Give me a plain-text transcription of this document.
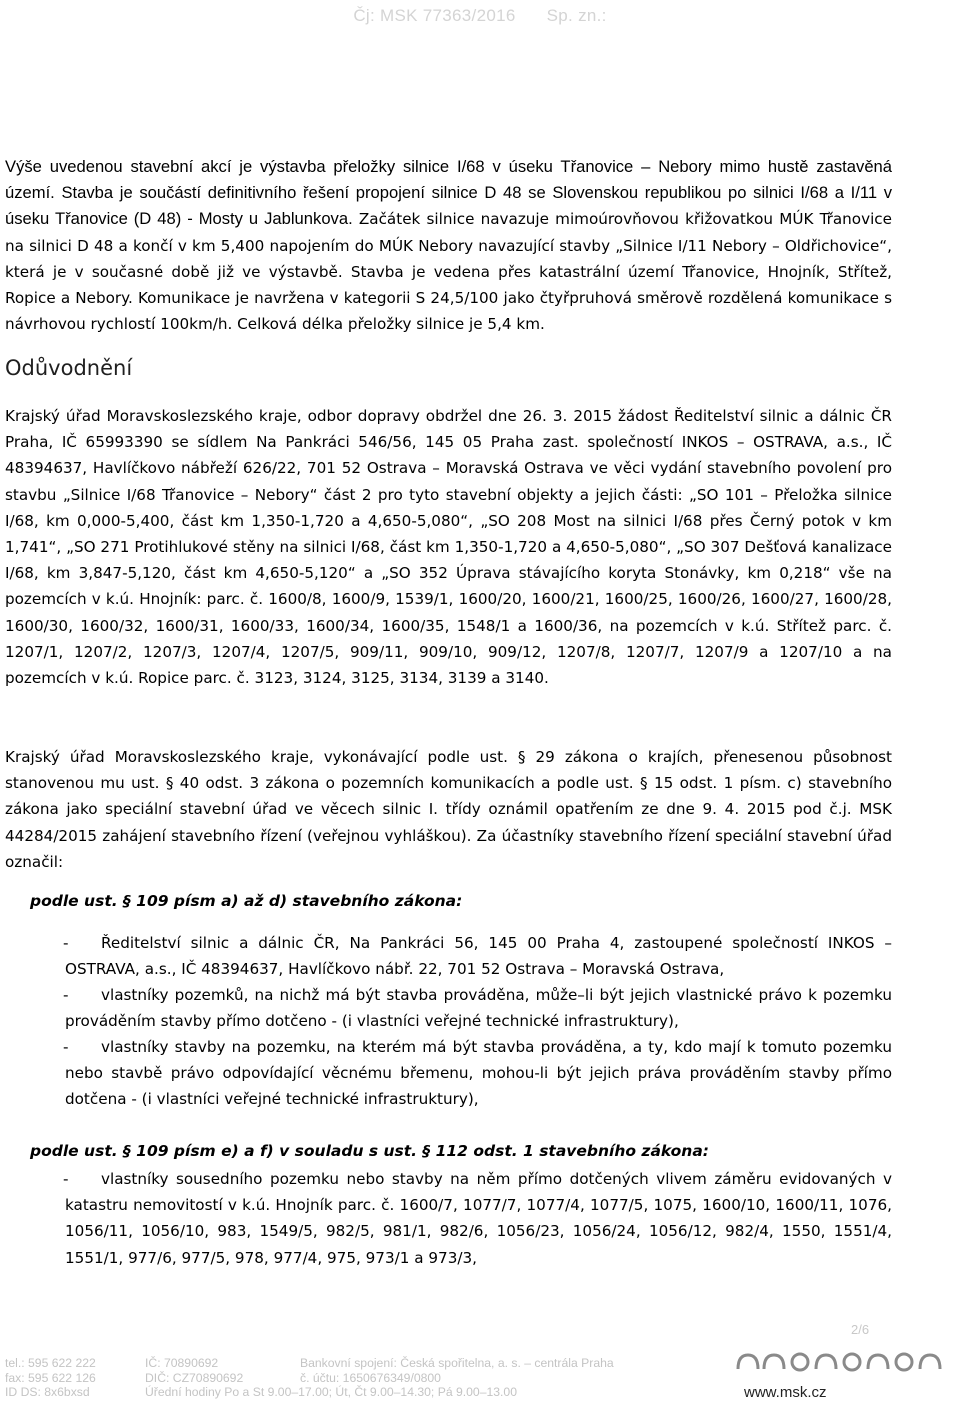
Čj: MSK 77363/2016 Sp. zn.:
Výše uvedenou stavební akcí je výstavba přeložky silnice I/68 v úseku Třanovice – Nebory mimo hustě zastavěná území. Stavba je součástí definitivního řešení propojení silnice D 48 se Slovenskou republikou po silnici I/68 a I/11 v úseku Třanovice (D 48) - Mosty u Jablunkova. Začátek silnice navazuje mimoúrovňovou křižovatkou MÚK Třanovice na silnici D 48 a končí v km 5,400 napojením do MÚK Nebory navazující stavby „Silnice I/11 Nebory – Oldřichovice“, která je v současné době již ve výstavbě. Stavba je vedena přes katastrální území Třanovice, Hnojník, Střítež, Ropice a Nebory. Komunikace je navržena v kategorii S 24,5/100 jako čtyřpruhová směrově rozdělená komunikace s návrhovou rychlostí 100km/h. Celková délka přeložky silnice je 5,4 km.
Odůvodnění
Krajský úřad Moravskoslezského kraje, odbor dopravy obdržel dne 26. 3. 2015 žádost Ředitelství silnic a dálnic ČR Praha, IČ 65993390 se sídlem Na Pankráci 546/56, 145 05 Praha zast. společností INKOS – OSTRAVA, a.s., IČ 48394637, Havlíčkovo nábřeží 626/22, 701 52 Ostrava – Moravská Ostrava ve věci vydání stavebního povolení pro stavbu „Silnice I/68 Třanovice – Nebory“ část 2 pro tyto stavební objekty a jejich části: „SO 101 – Přeložka silnice I/68, km 0,000-5,400, část km 1,350-1,720 a 4,650-5,080“, „SO 208 Most na silnici I/68 přes Černý potok v km 1,741“, „SO 271 Protihlukové stěny na silnici I/68, část km 1,350-1,720 a 4,650-5,080“, „SO 307 Dešťová kanalizace I/68, km 3,847-5,120, část km 4,650-5,120“ a „SO 352 Úprava stávajícího koryta Stonávky, km 0,218“ vše na pozemcích v k.ú. Hnojník: parc. č. 1600/8, 1600/9, 1539/1, 1600/20, 1600/21, 1600/25, 1600/26, 1600/27, 1600/28, 1600/30, 1600/32, 1600/31, 1600/33, 1600/34, 1600/35, 1548/1 a 1600/36, na pozemcích v k.ú. Střítež parc. č. 1207/1, 1207/2, 1207/3, 1207/4, 1207/5, 909/11, 909/10, 909/12, 1207/8, 1207/7, 1207/9 a 1207/10 a na pozemcích v k.ú. Ropice parc. č. 3123, 3124, 3125, 3134, 3139 a 3140.
Krajský úřad Moravskoslezského kraje, vykonávající podle ust. § 29 zákona o krajích, přenesenou působnost stanovenou mu ust. § 40 odst. 3 zákona o pozemních komunikacích a podle ust. § 15 odst. 1 písm. c) stavebního zákona jako speciální stavební úřad ve věcech silnic I. třídy oznámil opatřením ze dne 9. 4. 2015 pod č.j. MSK 44284/2015 zahájení stavebního řízení (veřejnou vyhláškou). Za účastníky stavebního řízení speciální stavební úřad označil:
podle ust. § 109 písm a) až d) stavebního zákona:
- Ředitelství silnic a dálnic ČR, Na Pankráci 56, 145 00 Praha 4, zastoupené společností INKOS – OSTRAVA, a.s., IČ 48394637, Havlíčkovo nábř. 22, 701 52 Ostrava – Moravská Ostrava,
- vlastníky pozemků, na nichž má být stavba prováděna, může–li být jejich vlastnické právo k pozemku prováděním stavby přímo dotčeno - (i vlastníci veřejné technické infrastruktury),
- vlastníky stavby na pozemku, na kterém má být stavba prováděna, a ty, kdo mají k tomuto pozemku nebo stavbě právo odpovídající věcnému břemenu, mohou-li být jejich práva prováděním stavby přímo dotčena - (i vlastníci veřejné technické infrastruktury),
podle ust. § 109 písm e) a f) v souladu s ust. § 112 odst. 1 stavebního zákona:
- vlastníky sousedního pozemku nebo stavby na něm přímo dotčených vlivem záměru evidovaných v katastru nemovitostí v k.ú. Hnojník parc. č. 1600/7, 1077/7, 1077/4, 1077/5, 1075, 1600/10, 1600/11, 1076, 1056/11, 1056/10, 983, 1549/5, 982/5, 981/1, 982/6, 1056/23, 1056/24, 1056/12, 982/4, 1550, 1551/4, 1551/1, 977/6, 977/5, 978, 977/4, 975, 973/1 a 973/3,
2/6
tel.: 595 622 222
fax: 595 622 126
ID DS: 8x6bxsd
IČ: 70890692
DIČ: CZ70890692
Úřední hodiny Po a St 9.00–17.00; Út, Čt 9.00–14.30; Pá 9.00–13.00
Bankovní spojení: Česká spořitelna, a. s. – centrála Praha
č. účtu: 1650676349/0800
www.msk.cz
